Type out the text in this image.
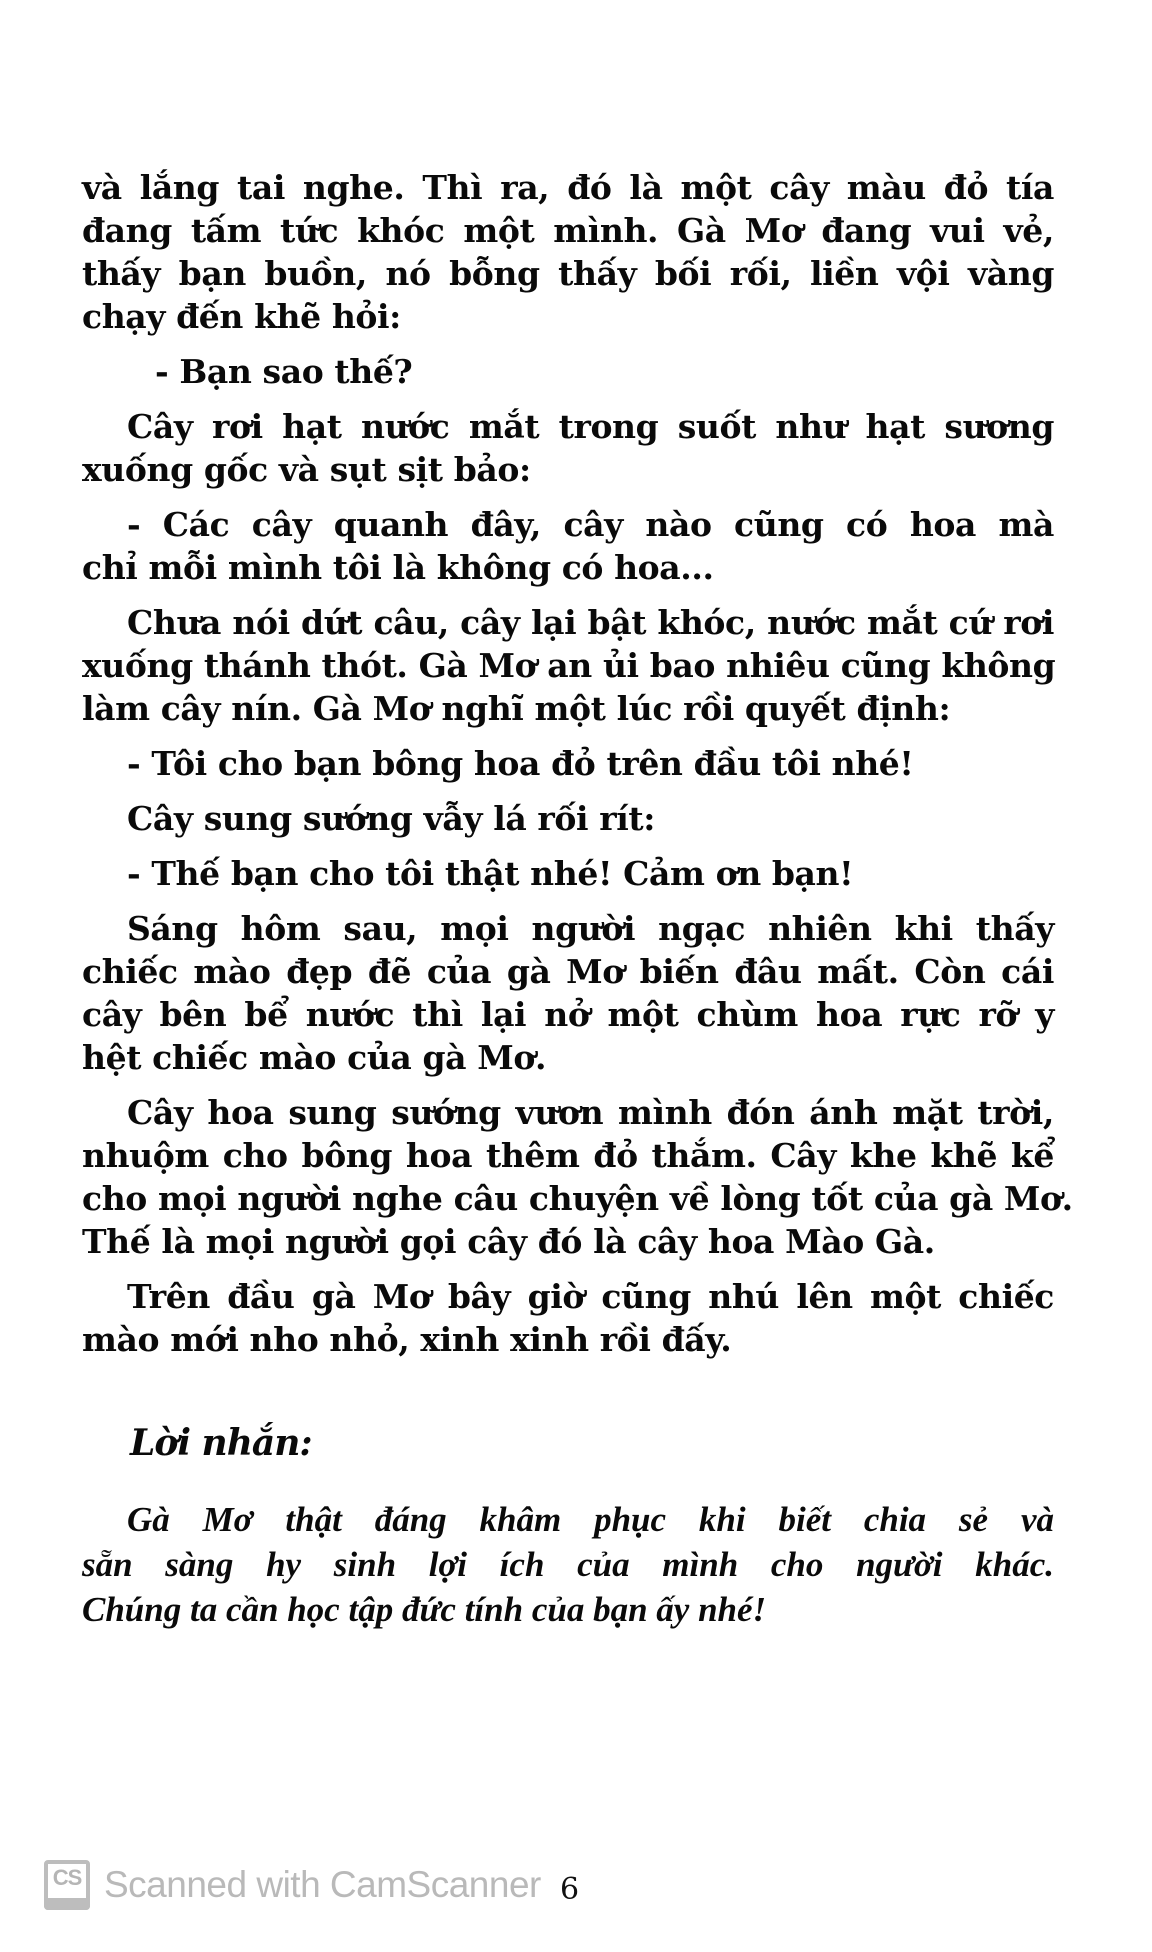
và lắng tai nghe. Thì ra, đó là một cây màu đỏ tía
đang tấm tức khóc một mình. Gà Mơ đang vui vẻ,
thấy bạn buồn, nó bỗng thấy bối rối, liền vội vàng
chạy đến khẽ hỏi:
- Bạn sao thế?
Cây rơi hạt nước mắt trong suốt như hạt sương
xuống gốc và sụt sịt bảo:
- Các cây quanh đây, cây nào cũng có hoa mà
chỉ mỗi mình tôi là không có hoa...
Chưa nói dứt câu, cây lại bật khóc, nước mắt cứ rơi
xuống thánh thót. Gà Mơ an ủi bao nhiêu cũng không
làm cây nín. Gà Mơ nghĩ một lúc rồi quyết định:
- Tôi cho bạn bông hoa đỏ trên đầu tôi nhé!
Cây sung sướng vẫy lá rối rít:
- Thế bạn cho tôi thật nhé! Cảm ơn bạn!
Sáng hôm sau, mọi người ngạc nhiên khi thấy
chiếc mào đẹp đẽ của gà Mơ biến đâu mất. Còn cái
cây bên bể nước thì lại nở một chùm hoa rực rỡ y
hệt chiếc mào của gà Mơ.
Cây hoa sung sướng vươn mình đón ánh mặt trời,
nhuộm cho bông hoa thêm đỏ thắm. Cây khe khẽ kể
cho mọi người nghe câu chuyện về lòng tốt của gà Mơ.
Thế là mọi người gọi cây đó là cây hoa Mào Gà.
Trên đầu gà Mơ bây giờ cũng nhú lên một chiếc
mào mới nho nhỏ, xinh xinh rồi đấy.
Lời nhắn:
Gà Mơ thật đáng khâm phục khi biết chia sẻ và
sẵn sàng hy sinh lợi ích của mình cho người khác.
Chúng ta cần học tập đức tính của bạn ấy nhé!
CS Scanned with CamScanner 6
